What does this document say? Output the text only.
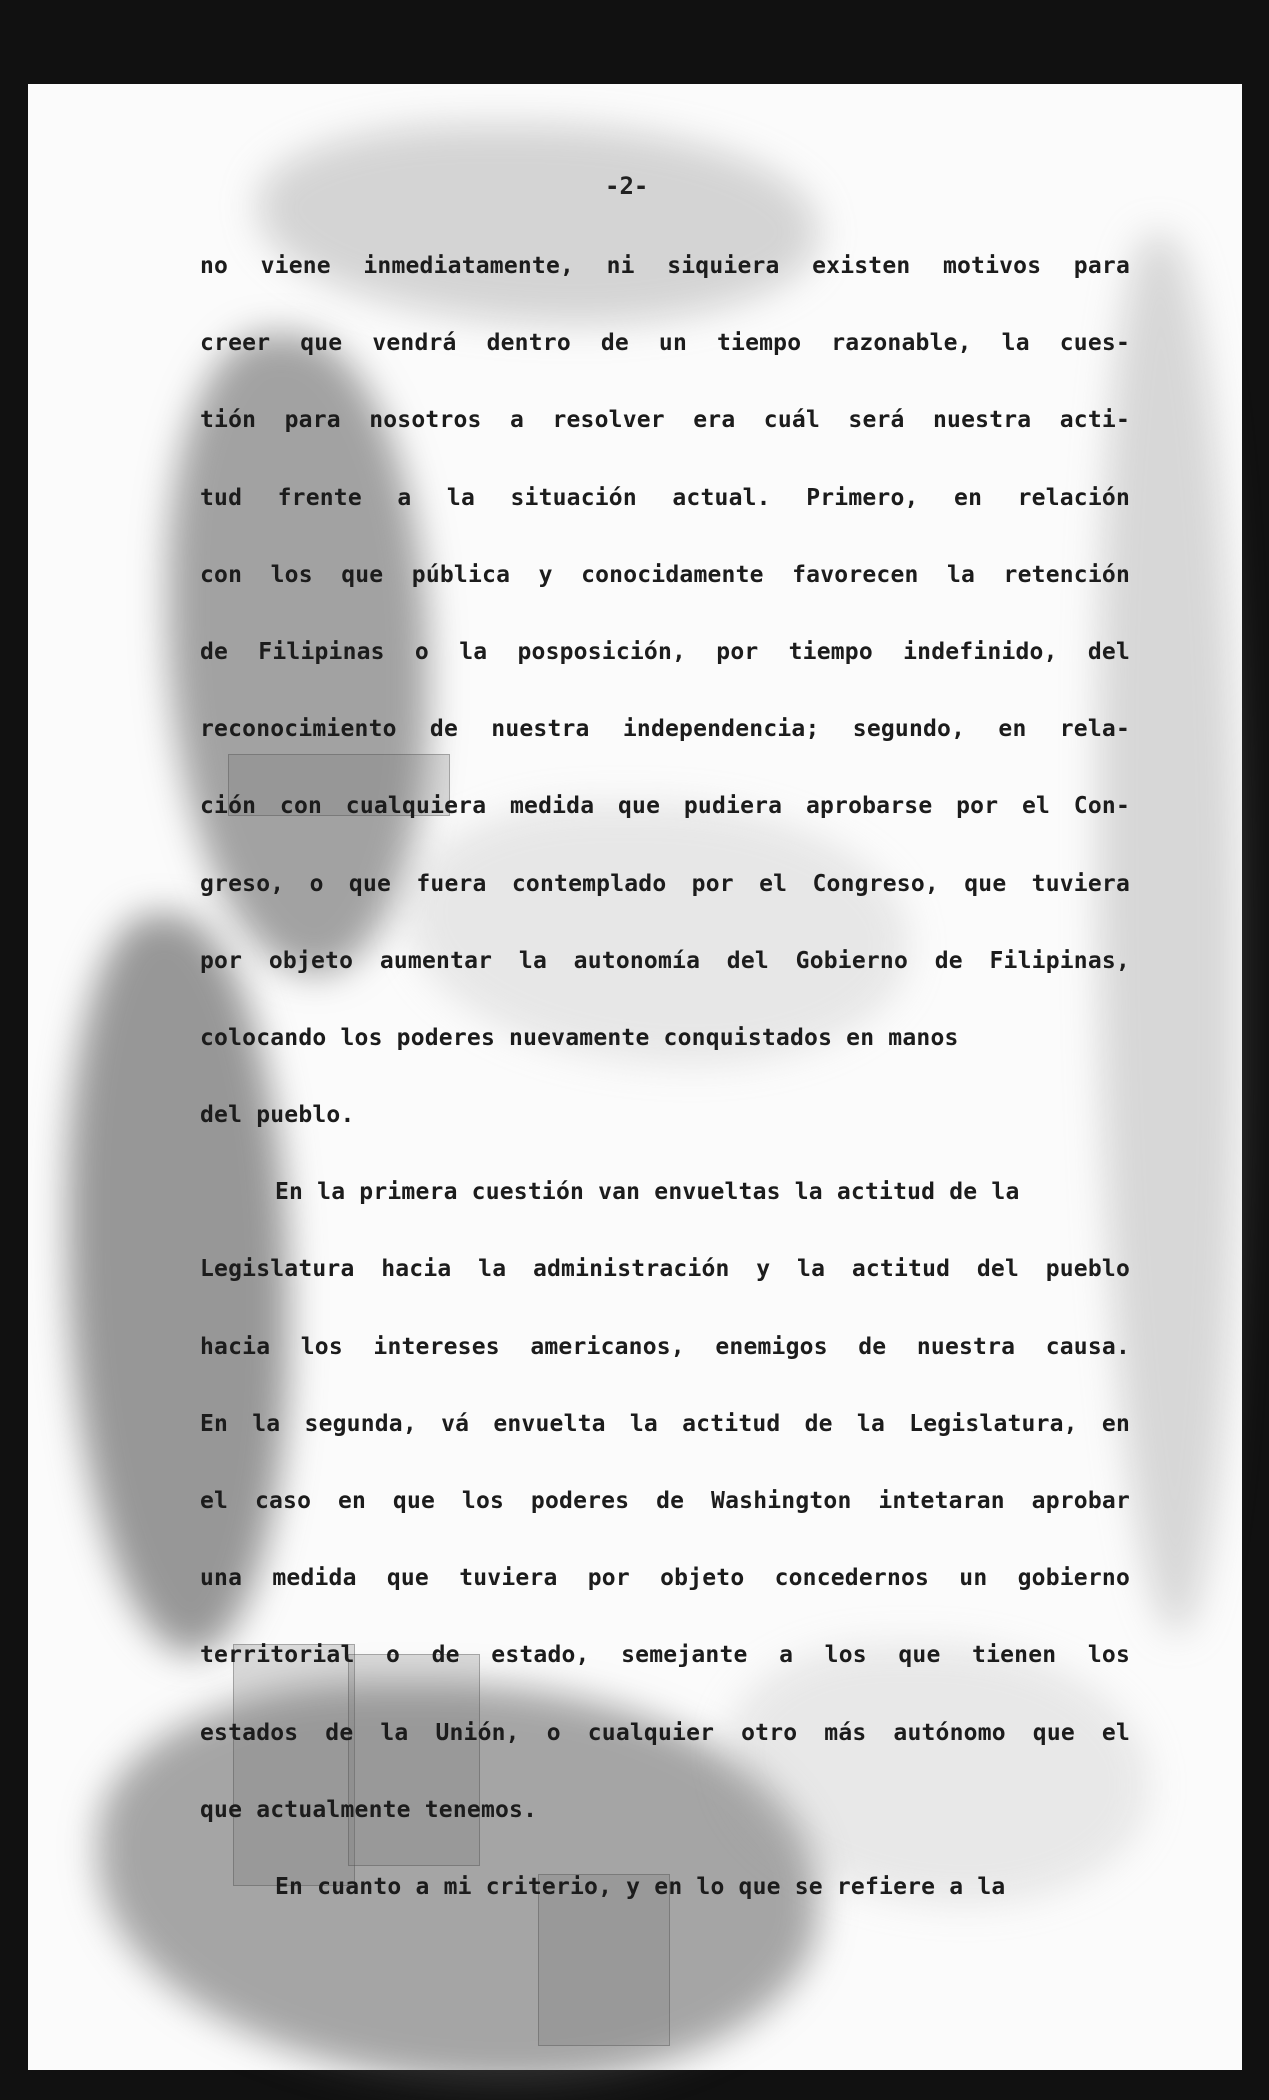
-2-
no viene inmediatamente, ni siquiera existen motivos para
creer que vendrá dentro de un tiempo razonable, la cues-
tión para nosotros a resolver era cuál será nuestra acti-
tud frente a la situación actual. Primero, en relación
con los que pública y conocidamente favorecen la retención
de Filipinas o la posposición, por tiempo indefinido, del
reconocimiento de nuestra independencia; segundo, en rela-
ción con cualquiera medida que pudiera aprobarse por el Con-
greso, o que fuera contemplado por el Congreso, que tuviera
por objeto aumentar la autonomía del Gobierno de Filipinas,
colocando los poderes nuevamente conquistados en manos
del pueblo.
En la primera cuestión van envueltas la actitud de la
Legislatura hacia la administración y la actitud del pueblo
hacia los intereses americanos, enemigos de nuestra causa.
En la segunda, vá envuelta la actitud de la Legislatura, en
el caso en que los poderes de Washington intetaran aprobar
una medida que tuviera por objeto concedernos un gobierno
territorial o de estado, semejante a los que tienen los
estados de la Unión, o cualquier otro más autónomo que el
que actualmente tenemos.
En cuanto a mi criterio, y en lo que se refiere a la
